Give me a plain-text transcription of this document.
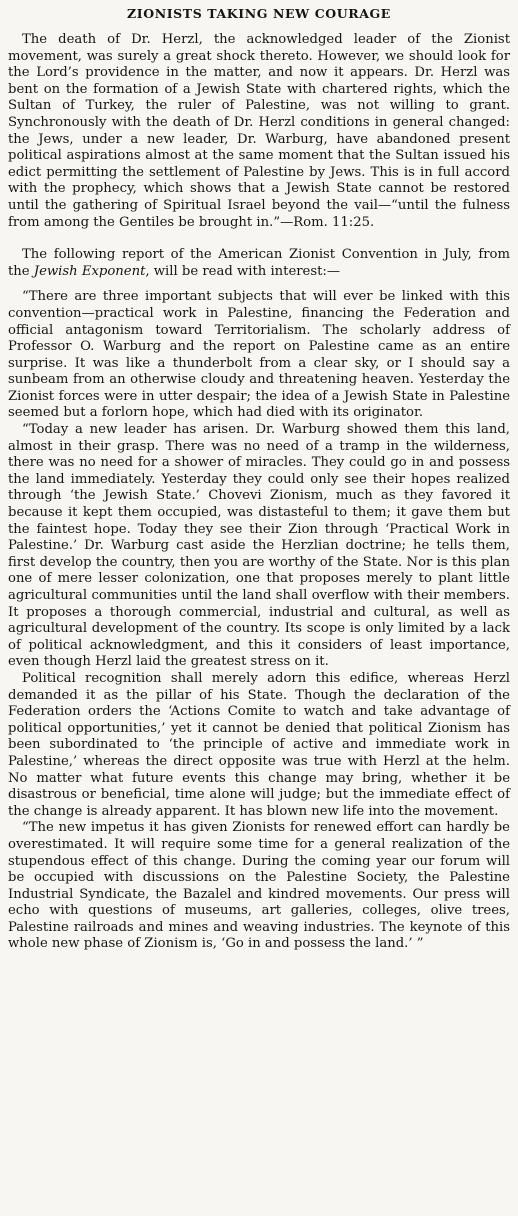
ZIONISTS TAKING NEW COURAGE

The death of Dr. Herzl, the acknowledged leader of the Zionist movement, was surely a great shock thereto. However, we should look for the Lord’s providence in the matter, and now it appears. Dr. Herzl was bent on the formation of a Jewish State with chartered rights, which the Sultan of Turkey, the ruler of Palestine, was not willing to grant. Synchronously with the death of Dr. Herzl conditions in general changed: the Jews, under a new leader, Dr. Warburg, have abandoned present political aspirations almost at the same moment that the Sultan issued his edict permitting the settlement of Palestine by Jews. This is in full accord with the prophecy, which shows that a Jewish State cannot be restored until the gathering of Spiritual Israel beyond the vail—“until the fulness from among the Gentiles be brought in.”—Rom. 11:25.

The following report of the American Zionist Convention in July, from the Jewish Exponent, will be read with interest:—

“There are three important subjects that will ever be linked with this convention—practical work in Palestine, financing the Federation and official antagonism toward Territorialism. The scholarly address of Professor O. Warburg and the report on Palestine came as an entire surprise. It was like a thunderbolt from a clear sky, or I should say a sunbeam from an otherwise cloudy and threatening heaven. Yesterday the Zionist forces were in utter despair; the idea of a Jewish State in Palestine seemed but a forlorn hope, which had died with its originator.

“Today a new leader has arisen. Dr. Warburg showed them this land, almost in their grasp. There was no need of a tramp in the wilderness, there was no need for a shower of miracles. They could go in and possess the land immediately. Yesterday they could only see their hopes realized through ‘the Jewish State.’ Chovevi Zionism, much as they favored it because it kept them occupied, was distasteful to them; it gave them but the faintest hope. Today they see their Zion through ‘Practical Work in Palestine.’ Dr. Warburg cast aside the Herzlian doctrine; he tells them, first develop the country, then you are worthy of the State. Nor is this plan one of mere lesser colonization, one that proposes merely to plant little agricultural communities until the land shall overflow with their members. It proposes a thorough commercial, industrial and cultural, as well as agricultural development of the country. Its scope is only limited by a lack of political acknowledgment, and this it considers of least importance, even though Herzl laid the greatest stress on it.

Political recognition shall merely adorn this edifice, whereas Herzl demanded it as the pillar of his State. Though the declaration of the Federation orders the ‘Actions Comite to watch and take advantage of political opportunities,’ yet it cannot be denied that political Zionism has been subordinated to ‘the principle of active and immediate work in Palestine,’ whereas the direct opposite was true with Herzl at the helm. No matter what future events this change may bring, whether it be disastrous or beneficial, time alone will judge; but the immediate effect of the change is already apparent. It has blown new life into the movement.

“The new impetus it has given Zionists for renewed effort can hardly be overestimated. It will require some time for a general realization of the stupendous effect of this change. During the coming year our forum will be occupied with discussions on the Palestine Society, the Palestine Industrial Syndicate, the Bazalel and kindred movements. Our press will echo with questions of museums, art galleries, colleges, olive trees, Palestine railroads and mines and weaving industries. The keynote of this whole new phase of Zionism is, ‘Go in and possess the land.’ ”
